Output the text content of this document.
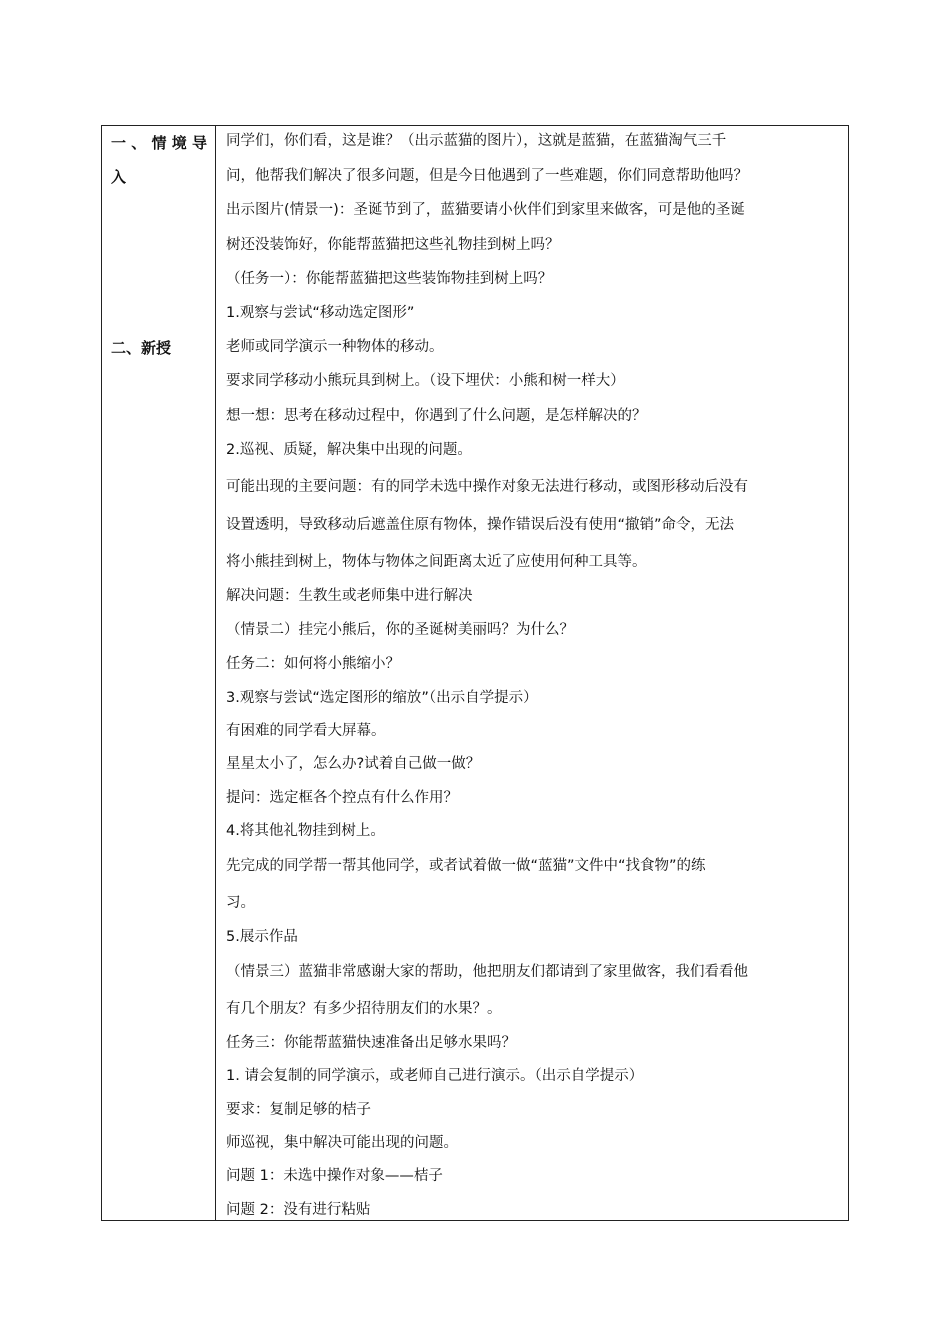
一、情境导
入
二、新授
同学们，你们看，这是谁？（出示蓝猫的图片），这就是蓝猫，在蓝猫淘气三千
问，他帮我们解决了很多问题，但是今日他遇到了一些难题，你们同意帮助他吗？
出示图片(情景一)：圣诞节到了，蓝猫要请小伙伴们到家里来做客，可是他的圣诞
树还没装饰好，你能帮蓝猫把这些礼物挂到树上吗？
（任务一）：你能帮蓝猫把这些装饰物挂到树上吗？
1.观察与尝试“移动选定图形”
老师或同学演示一种物体的移动。
要求同学移动小熊玩具到树上。（设下埋伏：小熊和树一样大）
想一想：思考在移动过程中，你遇到了什么问题，是怎样解决的？
2.巡视、质疑，解决集中出现的问题。
可能出现的主要问题：有的同学未选中操作对象无法进行移动，或图形移动后没有
设置透明，导致移动后遮盖住原有物体，操作错误后没有使用“撤销”命令，无法
将小熊挂到树上，物体与物体之间距离太近了应使用何种工具等。
解决问题：生教生或老师集中进行解决
（情景二）挂完小熊后，你的圣诞树美丽吗？为什么？
任务二：如何将小熊缩小？
3.观察与尝试“选定图形的缩放”（出示自学提示）
有困难的同学看大屏幕。
星星太小了，怎么办?试着自己做一做？
提问：选定框各个控点有什么作用？
4.将其他礼物挂到树上。
先完成的同学帮一帮其他同学，或者试着做一做“蓝猫”文件中“找食物”的练
习。
5.展示作品
（情景三）蓝猫非常感谢大家的帮助，他把朋友们都请到了家里做客，我们看看他
有几个朋友？有多少招待朋友们的水果？。
任务三：你能帮蓝猫快速准备出足够水果吗？
1. 请会复制的同学演示，或老师自己进行演示。（出示自学提示）
要求：复制足够的桔子
师巡视，集中解决可能出现的问题。
问题 1：未选中操作对象——桔子
问题 2：没有进行粘贴
